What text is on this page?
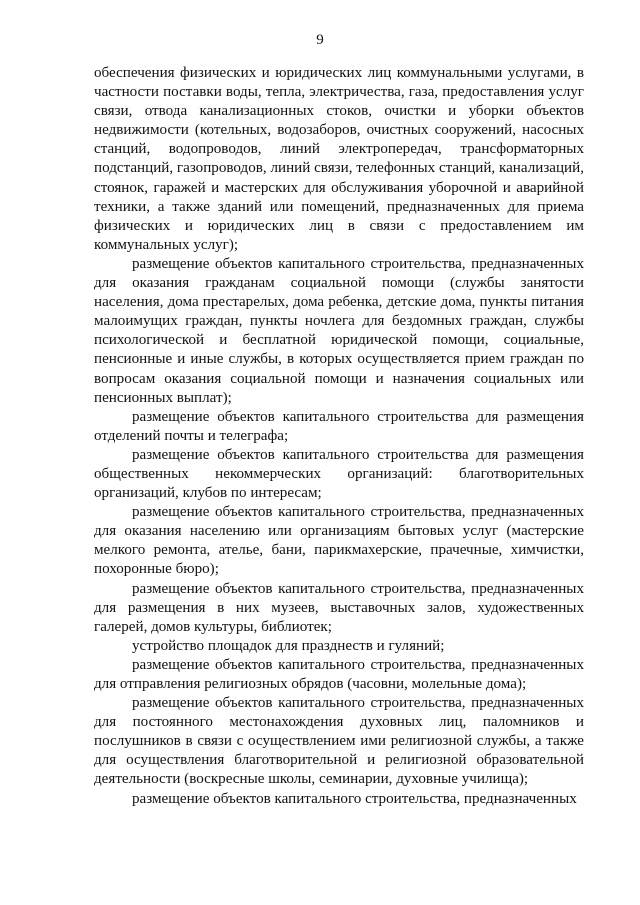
9

обеспечения физических и юридических лиц коммунальными услугами, в частности поставки воды, тепла, электричества, газа, предоставления услуг связи, отвода канализационных стоков, очистки и уборки объектов недвижимости (котельных, водозаборов, очистных сооружений, насосных станций, водопроводов, линий электропередач, трансформаторных подстанций, газопроводов, линий связи, телефонных станций, канализаций, стоянок, гаражей и мастерских для обслуживания уборочной и аварийной техники, а также зданий или помещений, предназначенных для приема физических и юридических лиц в связи с предоставлением им коммунальных услуг);

размещение объектов капитального строительства, предназначенных для оказания гражданам социальной помощи (службы занятости населения, дома престарелых, дома ребенка, детские дома, пункты питания малоимущих граждан, пункты ночлега для бездомных граждан, службы психологической и бесплатной юридической помощи, социальные, пенсионные и иные службы, в которых осуществляется прием граждан по вопросам оказания социальной помощи и назначения социальных или пенсионных выплат);

размещение объектов капитального строительства для размещения отделений почты и телеграфа;

размещение объектов капитального строительства для размещения общественных некоммерческих организаций: благотворительных организаций, клубов по интересам;

размещение объектов капитального строительства, предназначенных для оказания населению или организациям бытовых услуг (мастерские мелкого ремонта, ателье, бани, парикмахерские, прачечные, химчистки, похоронные бюро);

размещение объектов капитального строительства, предназначенных для размещения в них музеев, выставочных залов, художественных галерей, домов культуры, библиотек;

устройство площадок для празднеств и гуляний;

размещение объектов капитального строительства, предназначенных для отправления религиозных обрядов (часовни, молельные дома);

размещение объектов капитального строительства, предназначенных для постоянного местонахождения духовных лиц, паломников и послушников в связи с осуществлением ими религиозной службы, а также для осуществления благотворительной и религиозной образовательной деятельности (воскресные школы, семинарии, духовные училища);

размещение объектов капитального строительства, предназначенных
